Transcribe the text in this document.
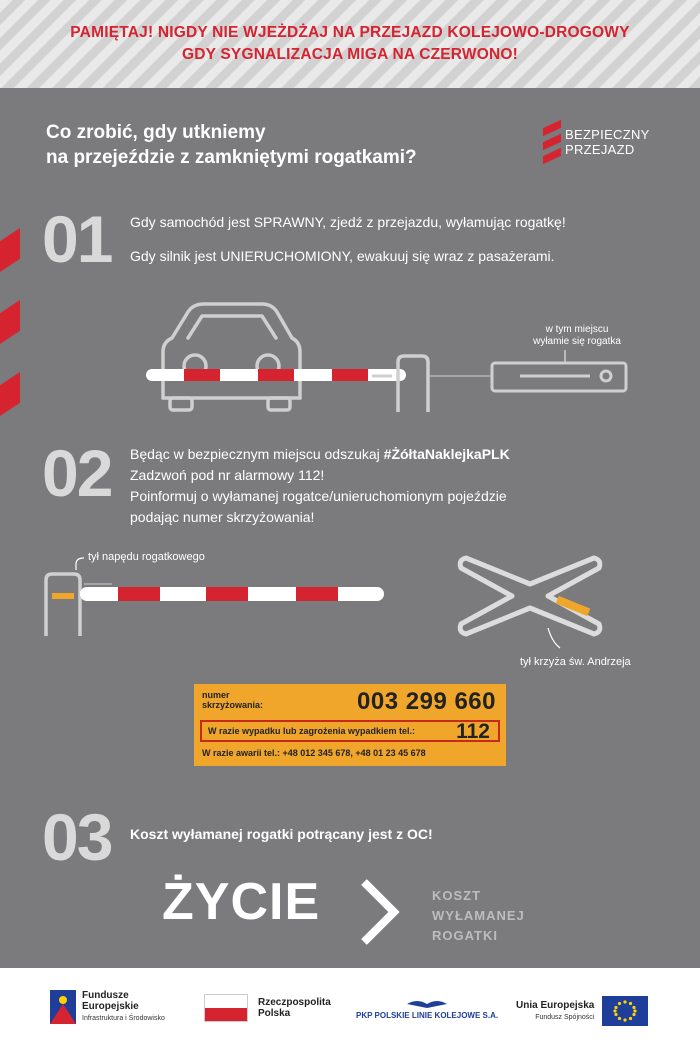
PAMIĘTAJ! NIGDY NIE WJEŻDŻAJ NA PRZEJAZD KOLEJOWO-DROGOWY
GDY SYGNALIZACJA MIGA NA CZERWONO!
Co zrobić, gdy utkniemy
na przejeździe z zamkniętymi rogatkami?
BEZPIECZNY
PRZEJAZD
01 Gdy samochód jest SPRAWNY, zjedź z przejazdu, wyłamując rogatkę!
Gdy silnik jest UNIERUCHOMIONY, ewakuuj się wraz z pasażerami.
w tym miejscu
wyłamie się rogatka
02 Będąc w bezpiecznym miejscu odszukaj #ŻółtaNaklejkaPLK
Zadzwoń pod nr alarmowy 112!
Poinformuj o wyłamanej rogatce/unieruchomionym pojeździe
podając numer skrzyżowania!
tył napędu rogatkowego
tył krzyża św. Andrzeja
numer
skrzyżowania:	003 299 660
W razie wypadku lub zagrożenia wypadkiem tel.: 112
W razie awarii tel.: +48 012 345 678, +48 01 23 45 678
03 Koszt wyłamanej rogatki potrącany jest z OC!
ŻYCIE	KOSZT
WYŁAMANEJ
ROGATKI
Fundusze
Europejskie
Infrastruktura i Środowisko
Rzeczpospolita
Polska	PKP POLSKIE LINIE KOLEJOWE S.A.
Unia Europejska
Fundusz Spójności
